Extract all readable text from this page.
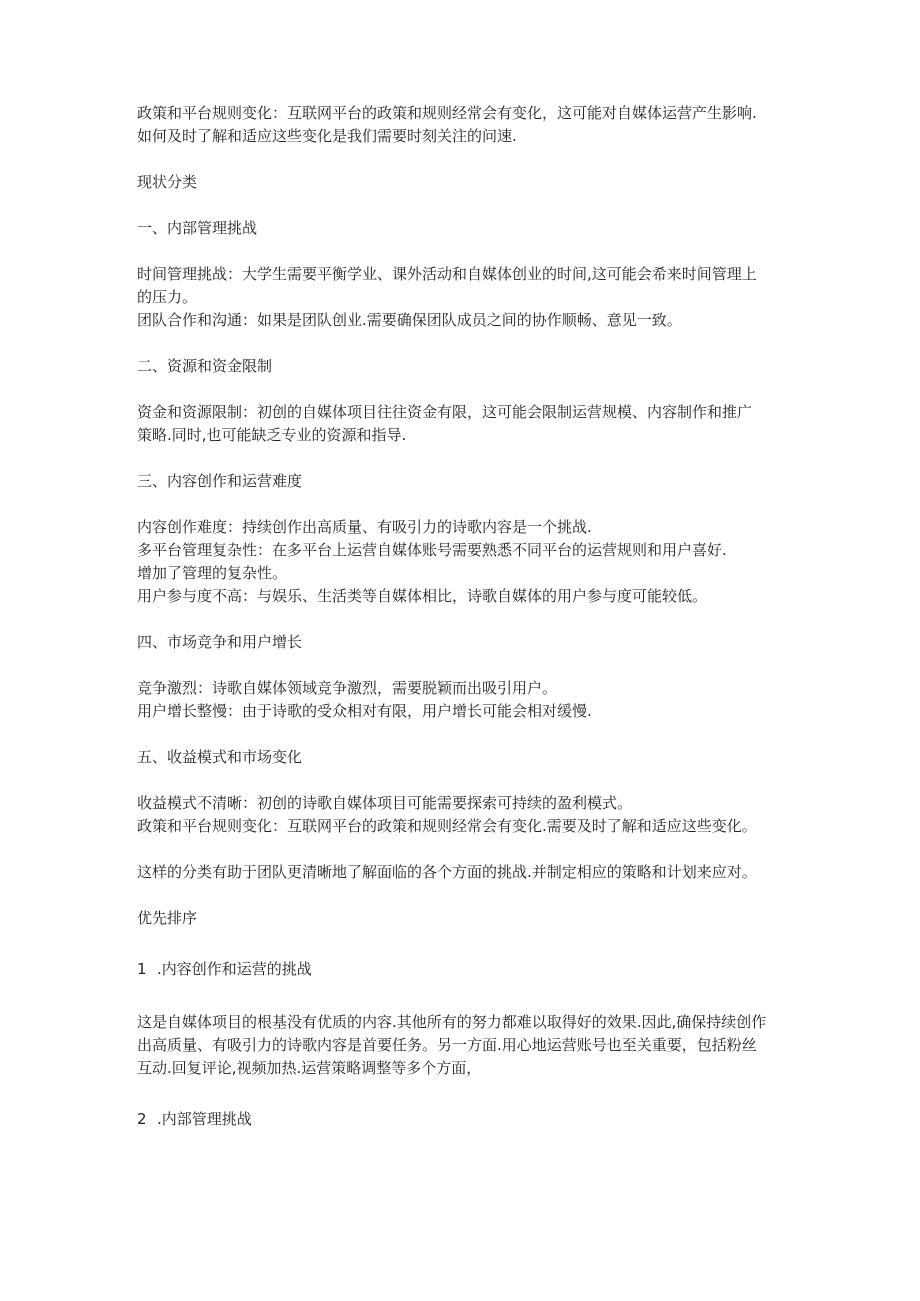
政策和平台规则变化：互联网平台的政策和规则经常会有变化，这可能对自媒体运营产生影响.
如何及时了解和适应这些变化是我们需要时刻关注的问速.
现状分类
一、内部管理挑战
时间管理挑战：大学生需要平衡学业、课外活动和自媒体创业的时间,这可能会希来时间管理上
的压力。
团队合作和沟通：如果是团队创业.需要确保团队成员之间的协作顺畅、意见一致。
二、资源和资金限制
资金和资源限制：初创的自媒体项目往往资金有限，这可能会限制运营规模、内容制作和推广
策略.同时,也可能缺乏专业的资源和指导.
三、内容创作和运营难度
内容创作难度：持续创作出高质量、有吸引力的诗歌内容是一个挑战.
多平台管理复杂性：在多平台上运营自媒体账号需要熟悉不同平台的运营规则和用户喜好.
增加了管理的复杂性。
用户参与度不高：与娱乐、生活类等自媒体相比，诗歌自媒体的用户参与度可能较低。
四、市场竞争和用户增长
竞争激烈：诗歌自媒体领域竞争激烈，需要脱颖而出吸引用户。
用户增长整慢：由于诗歌的受众相对有限，用户增长可能会相对缓慢.
五、收益模式和市场变化
收益模式不清晰：初创的诗歌自媒体项目可能需要探索可持续的盈利模式。
政策和平台规则变化：互联网平台的政策和规则经常会有变化.需要及时了解和适应这些变化。
这样的分类有助于团队更清晰地了解面临的各个方面的挑战.并制定相应的策略和计划来应对。
优先排序
1 .内容创作和运营的挑战
这是自媒体项目的根基没有优质的内容.其他所有的努力都难以取得好的效果.因此,确保持续创作
出高质量、有吸引力的诗歌内容是首要任务。另一方面.用心地运营账号也至关重要，包括粉丝
互动.回复评论,视频加热.运营策略调整等多个方面，
2 .内部管理挑战
